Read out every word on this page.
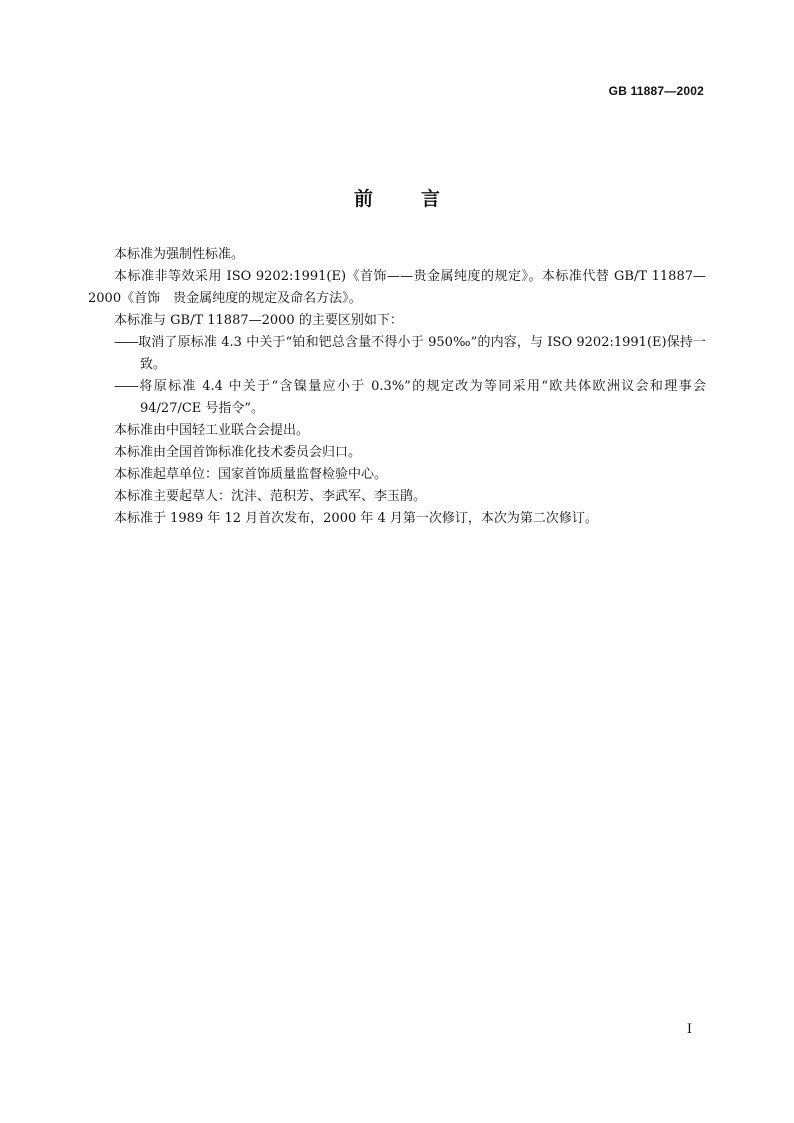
GB 11887—2002
前言

本标准为强制性标准。

本标准非等效采用 ISO 9202:1991(E)《首饰——贵金属纯度的规定》。本标准代替 GB/T 11887—2000《首饰　贵金属纯度的规定及命名方法》。

本标准与 GB/T 11887—2000 的主要区别如下：

——取消了原标准 4.3 中关于“铂和钯总含量不得小于 950‰”的内容，与 ISO 9202:1991(E)保持一致。

——将原标准 4.4 中关于“含镍量应小于 0.3%”的规定改为等同采用“欧共体欧洲议会和理事会 94/27/CE 号指令”。

本标准由中国轻工业联合会提出。

本标准由全国首饰标准化技术委员会归口。

本标准起草单位：国家首饰质量监督检验中心。

本标准主要起草人：沈沣、范积芳、李武军、李玉鹃。

本标准于 1989 年 12 月首次发布，2000 年 4 月第一次修订，本次为第二次修订。

I
